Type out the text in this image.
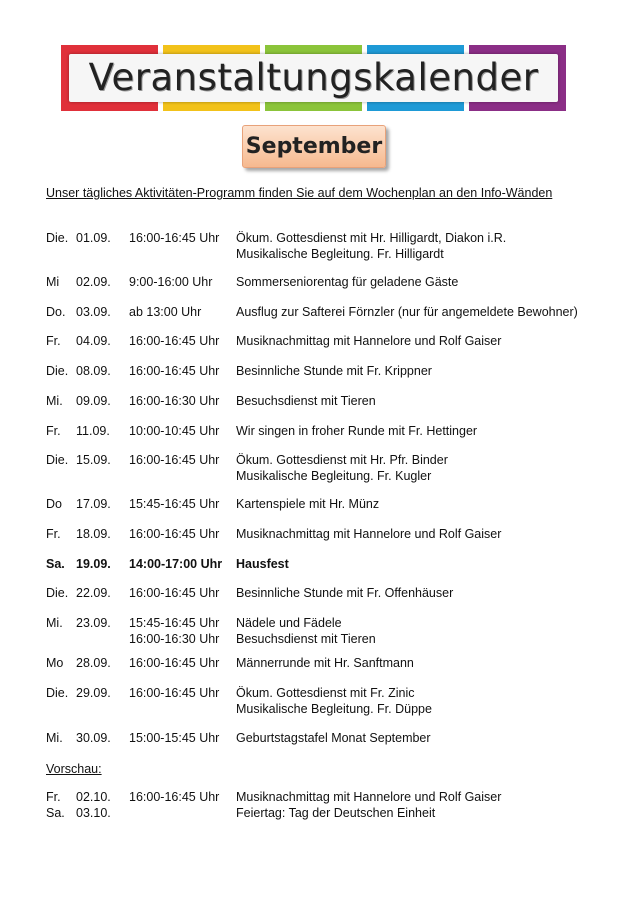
Veranstaltungskalender
September
Unser tägliches Aktivitäten-Programm finden Sie auf dem Wochenplan an den Info-Wänden
Die. 01.09. 16:00-16:45 Uhr Ökum. Gottesdienst mit Hr. Hilligardt, Diakon i.R.
Musikalische Begleitung. Fr. Hilligardt
Mi 02.09. 9:00-16:00 Uhr Sommerseniorentag für geladene Gäste
Do. 03.09. ab 13:00 Uhr	Ausflug zur Safterei Förnzler (nur für angemeldete Bewohner)
Fr. 04.09. 16:00-16:45 Uhr Musiknachmittag mit Hannelore und Rolf Gaiser
Die. 08.09. 16:00-16:45 Uhr Besinnliche Stunde mit Fr. Krippner
Mi. 09.09. 16:00-16:30 Uhr Besuchsdienst mit Tieren
Fr. 11.09. 10:00-10:45 Uhr Wir singen in froher Runde mit Fr. Hettinger
Die. 15.09. 16:00-16:45 Uhr Ökum. Gottesdienst mit Hr. Pfr. Binder
Musikalische Begleitung. Fr. Kugler
Do 17.09. 15:45-16:45 Uhr Kartenspiele mit Hr. Münz
Fr. 18.09. 16:00-16:45 Uhr Musiknachmittag mit Hannelore und Rolf Gaiser
Sa. 19.09. 14:00-17:00 Uhr Hausfest
Die. 22.09. 16:00-16:45 Uhr Besinnliche Stunde mit Fr. Offenhäuser
Mi. 23.09. 15:45-16:45 Uhr Nädele und Fädele
16:00-16:30 Uhr Besuchsdienst mit Tieren
Mo 28.09. 16:00-16:45 Uhr Männerrunde mit Hr. Sanftmann
Die. 29.09. 16:00-16:45 Uhr Ökum. Gottesdienst mit Fr. Zinic
Musikalische Begleitung. Fr. Düppe
Mi. 30.09. 15:00-15:45 Uhr Geburtstagstafel Monat September
Vorschau:
Fr. 02.10. 16:00-16:45 Uhr Musiknachmittag mit Hannelore und Rolf Gaiser
Sa. 03.10.	Feiertag: Tag der Deutschen Einheit
